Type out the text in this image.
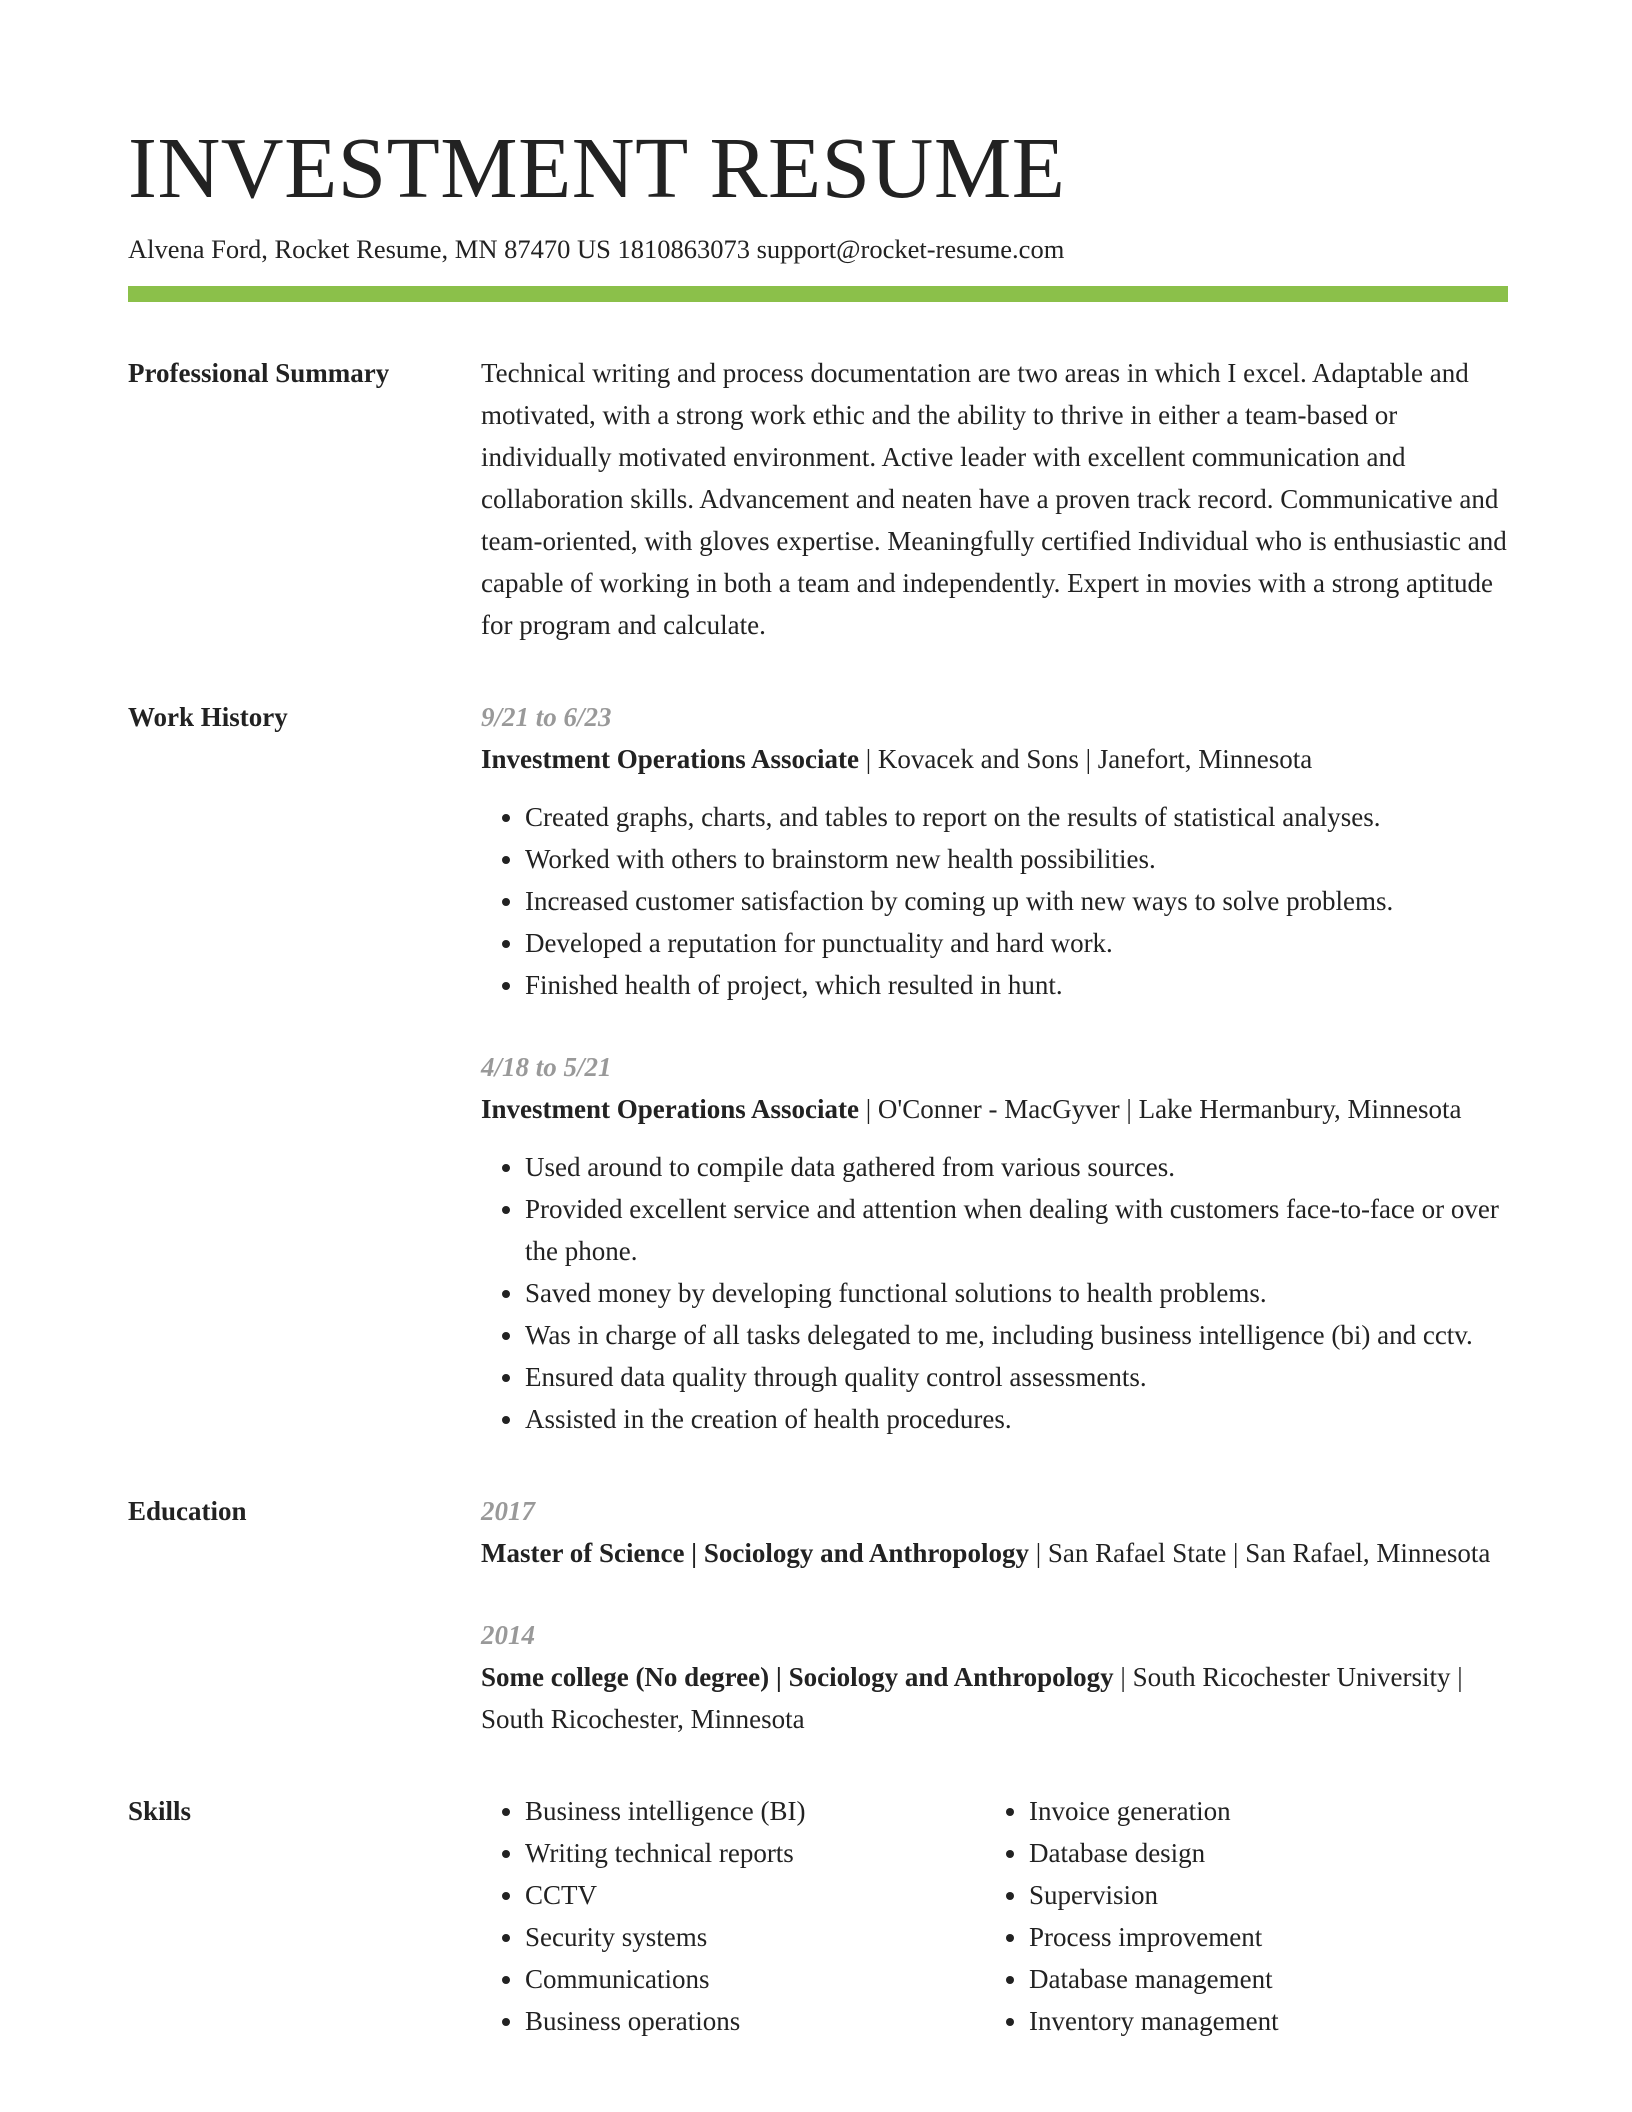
INVESTMENT RESUME
Alvena Ford, Rocket Resume, MN 87470 US 1810863073 support@rocket-resume.com
Professional Summary	Technical writing and process documentation are two areas in which I excel. Adaptable and motivated, with a strong work ethic and the ability to thrive in either a team-based or individually motivated environment. Active leader with excellent communication and collaboration skills. Advancement and neaten have a proven track record. Communicative and team-oriented, with gloves expertise. Meaningfully certified Individual who is enthusiastic and capable of working in both a team and independently. Expert in movies with a strong aptitude for program and calculate.

Work History	9/21 to 6/23
Investment Operations Associate | Kovacek and Sons | Janefort, Minnesota
• Created graphs, charts, and tables to report on the results of statistical analyses.
• Worked with others to brainstorm new health possibilities.
• Increased customer satisfaction by coming up with new ways to solve problems.
• Developed a reputation for punctuality and hard work.
• Finished health of project, which resulted in hunt.
4/18 to 5/21
Investment Operations Associate | O'Conner - MacGyver | Lake Hermanbury, Minnesota
• Used around to compile data gathered from various sources.
• Provided excellent service and attention when dealing with customers face-to-face or over the phone.
• Saved money by developing functional solutions to health problems.
• Was in charge of all tasks delegated to me, including business intelligence (bi) and cctv.
• Ensured data quality through quality control assessments.
• Assisted in the creation of health procedures.
Education	2017
Master of Science | Sociology and Anthropology | San Rafael State | San Rafael, Minnesota
2014
Some college (No degree) | Sociology and Anthropology | South Ricochester University | South Ricochester, Minnesota
Skills
•	Business intelligence (BI)
• Writing technical reports
• CCTV
• Security systems
• Communications
• Business operations
• Invoice generation
• Database design
• Supervision
• Process improvement
• Database management
• Inventory management
